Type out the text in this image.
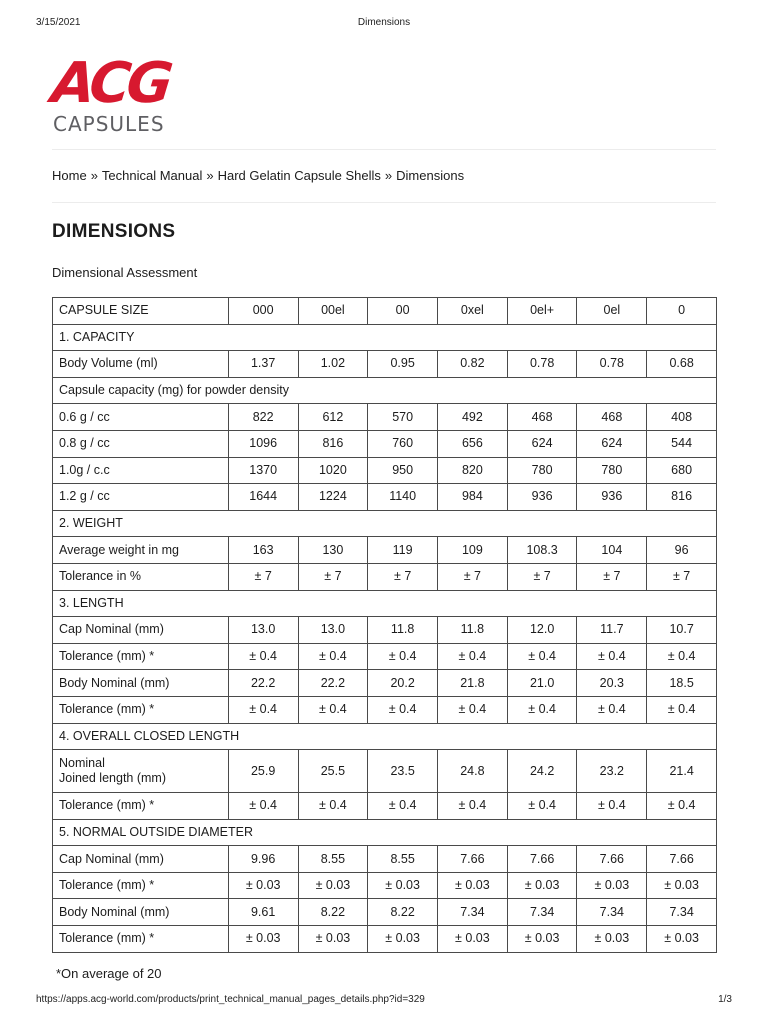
3/15/2021	Dimensions
ACG
CAPSULES
Home » Technical Manual » Hard Gelatin Capsule Shells » Dimensions
DIMENSIONS

Dimensional Assessment

CAPSULE SIZE	000	00el	00	0xel	0el+	0el	0
1. CAPACITY							
Body Volume (ml)	1.37	1.02	0.95	0.82	0.78	0.78	0.68
Capsule capacity (mg) for powder density							
0.6 g / cc	822	612	570	492	468	468	408
0.8 g / cc	1096	816	760	656	624	624	544
1.0g / c.c	1370	1020	950	820	780	780	680
1.2 g / cc	1644	1224	1140	984	936	936	816
2. WEIGHT							
Average weight in mg	163	130	119	109	108.3	104	96
Tolerance in %	± 7	± 7	± 7	± 7	± 7	± 7	± 7
3. LENGTH							
Cap Nominal (mm)	13.0	13.0	11.8	11.8	12.0	11.7	10.7
Tolerance (mm) *	± 0.4	± 0.4	± 0.4	± 0.4	± 0.4	± 0.4	± 0.4
Body Nominal (mm)	22.2	22.2	20.2	21.8	21.0	20.3	18.5
Tolerance (mm) *	± 0.4	± 0.4	± 0.4	± 0.4	± 0.4	± 0.4	± 0.4
4. OVERALL CLOSED LENGTH							

Nominal
Joined length (mm)	25.9	25.5	23.5	24.8	24.2	23.2	21.4
Tolerance (mm) *	± 0.4	± 0.4	± 0.4	± 0.4	± 0.4	± 0.4	± 0.4
5. NORMAL OUTSIDE DIAMETER							
Cap Nominal (mm)	9.96	8.55	8.55	7.66	7.66	7.66	7.66
Tolerance (mm) *	± 0.03	± 0.03	± 0.03	± 0.03	± 0.03	± 0.03	± 0.03
Body Nominal (mm)	9.61	8.22	8.22	7.34	7.34	7.34	7.34
Tolerance (mm) *	± 0.03	± 0.03	± 0.03	± 0.03	± 0.03	± 0.03	± 0.03

*On average of 20

https://apps.acg-world.com/products/print_technical_manual_pages_details.php?id=329	1/3
